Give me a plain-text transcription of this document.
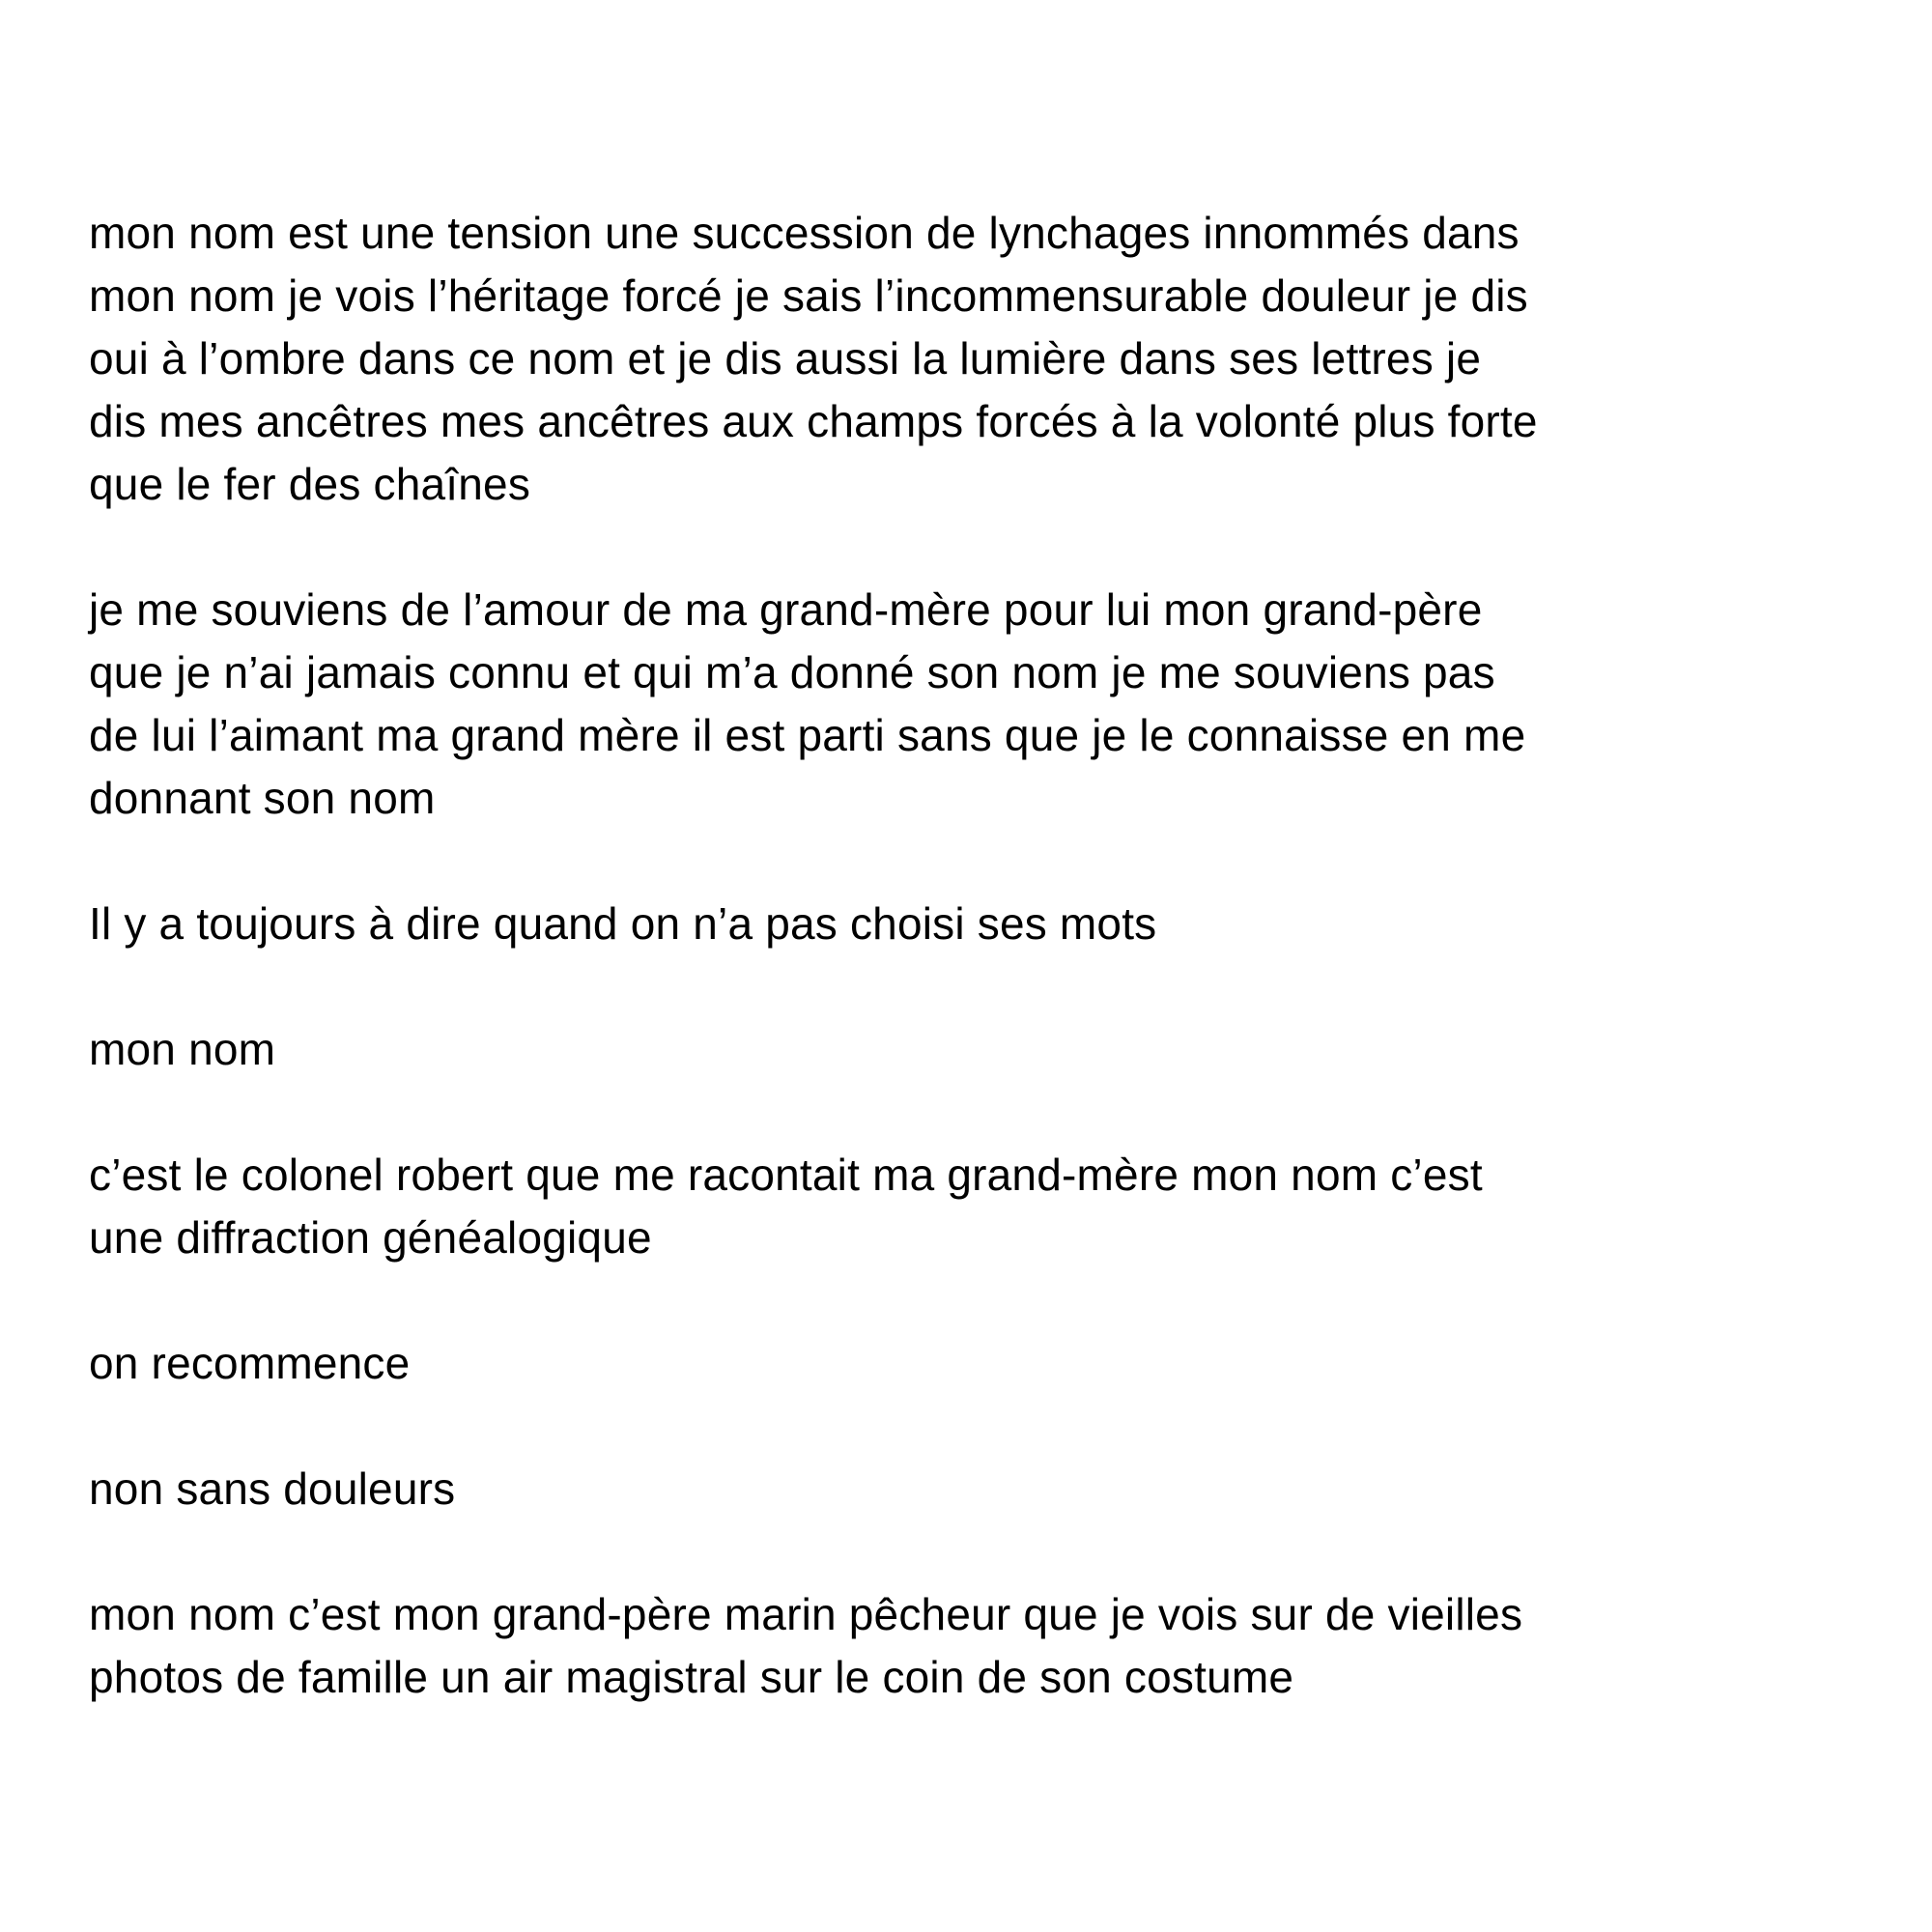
mon nom est une tension une succession de lynchages innommés dans
mon nom je vois l’héritage forcé je sais l’incommensurable douleur je dis
oui à l’ombre dans ce nom et je dis aussi la lumière dans ses lettres je
dis mes ancêtres mes ancêtres aux champs forcés à la volonté plus forte
que le fer des chaînes
je me souviens de l’amour de ma grand-mère pour lui mon grand-père
que je n’ai jamais connu et qui m’a donné son nom je me souviens pas
de lui l’aimant ma grand mère il est parti sans que je le connaisse en me
donnant son nom
Il y a toujours à dire quand on n’a pas choisi ses mots
mon nom
c’est le colonel robert que me racontait ma grand-mère mon nom c’est
une diffraction généalogique
on recommence
non sans douleurs
mon nom c’est mon grand-père marin pêcheur que je vois sur de vieilles
photos de famille un air magistral sur le coin de son costume
